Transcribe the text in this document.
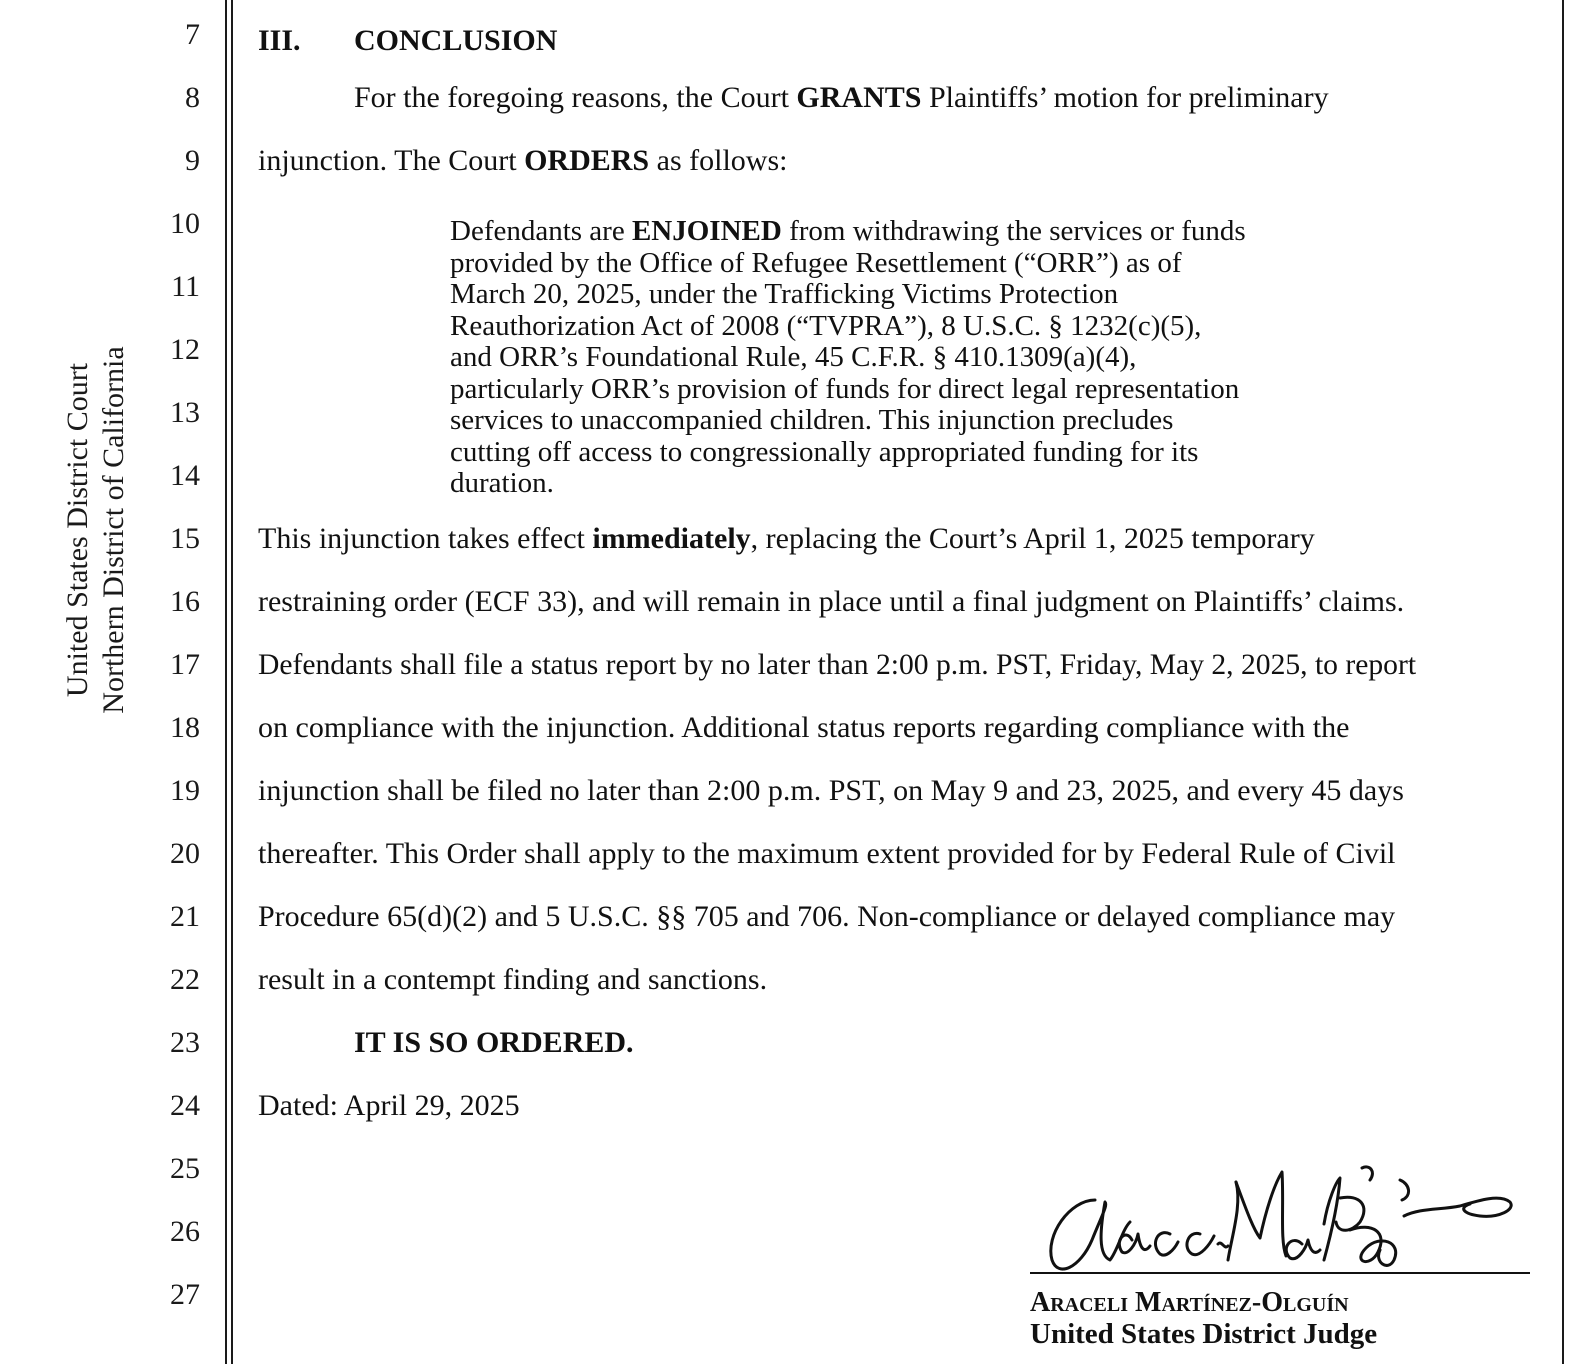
United States District Court Northern District of California
7
8
9
10
11
12
13
14
15
16
17
18
19
20
21
22
23
24
25
26
27
III. CONCLUSION
For the foregoing reasons, the Court GRANTS Plaintiffs’ motion for preliminary
injunction. The Court ORDERS as follows:
Defendants are ENJOINED from withdrawing the services or funds
provided by the Office of Refugee Resettlement (“ORR”) as of
March 20, 2025, under the Trafficking Victims Protection
Reauthorization Act of 2008 (“TVPRA”), 8 U.S.C. § 1232(c)(5),
and ORR’s Foundational Rule, 45 C.F.R. § 410.1309(a)(4),
particularly ORR’s provision of funds for direct legal representation
services to unaccompanied children. This injunction precludes
cutting off access to congressionally appropriated funding for its
duration.
This injunction takes effect immediately, replacing the Court’s April 1, 2025 temporary
restraining order (ECF 33), and will remain in place until a final judgment on Plaintiffs’ claims.
Defendants shall file a status report by no later than 2:00 p.m. PST, Friday, May 2, 2025, to report
on compliance with the injunction. Additional status reports regarding compliance with the
injunction shall be filed no later than 2:00 p.m. PST, on May 9 and 23, 2025, and every 45 days
thereafter. This Order shall apply to the maximum extent provided for by Federal Rule of Civil
Procedure 65(d)(2) and 5 U.S.C. §§ 705 and 706. Non-compliance or delayed compliance may
result in a contempt finding and sanctions.
IT IS SO ORDERED.
Dated: April 29, 2025
Araceli Martínez-Olguín
United States District Judge
